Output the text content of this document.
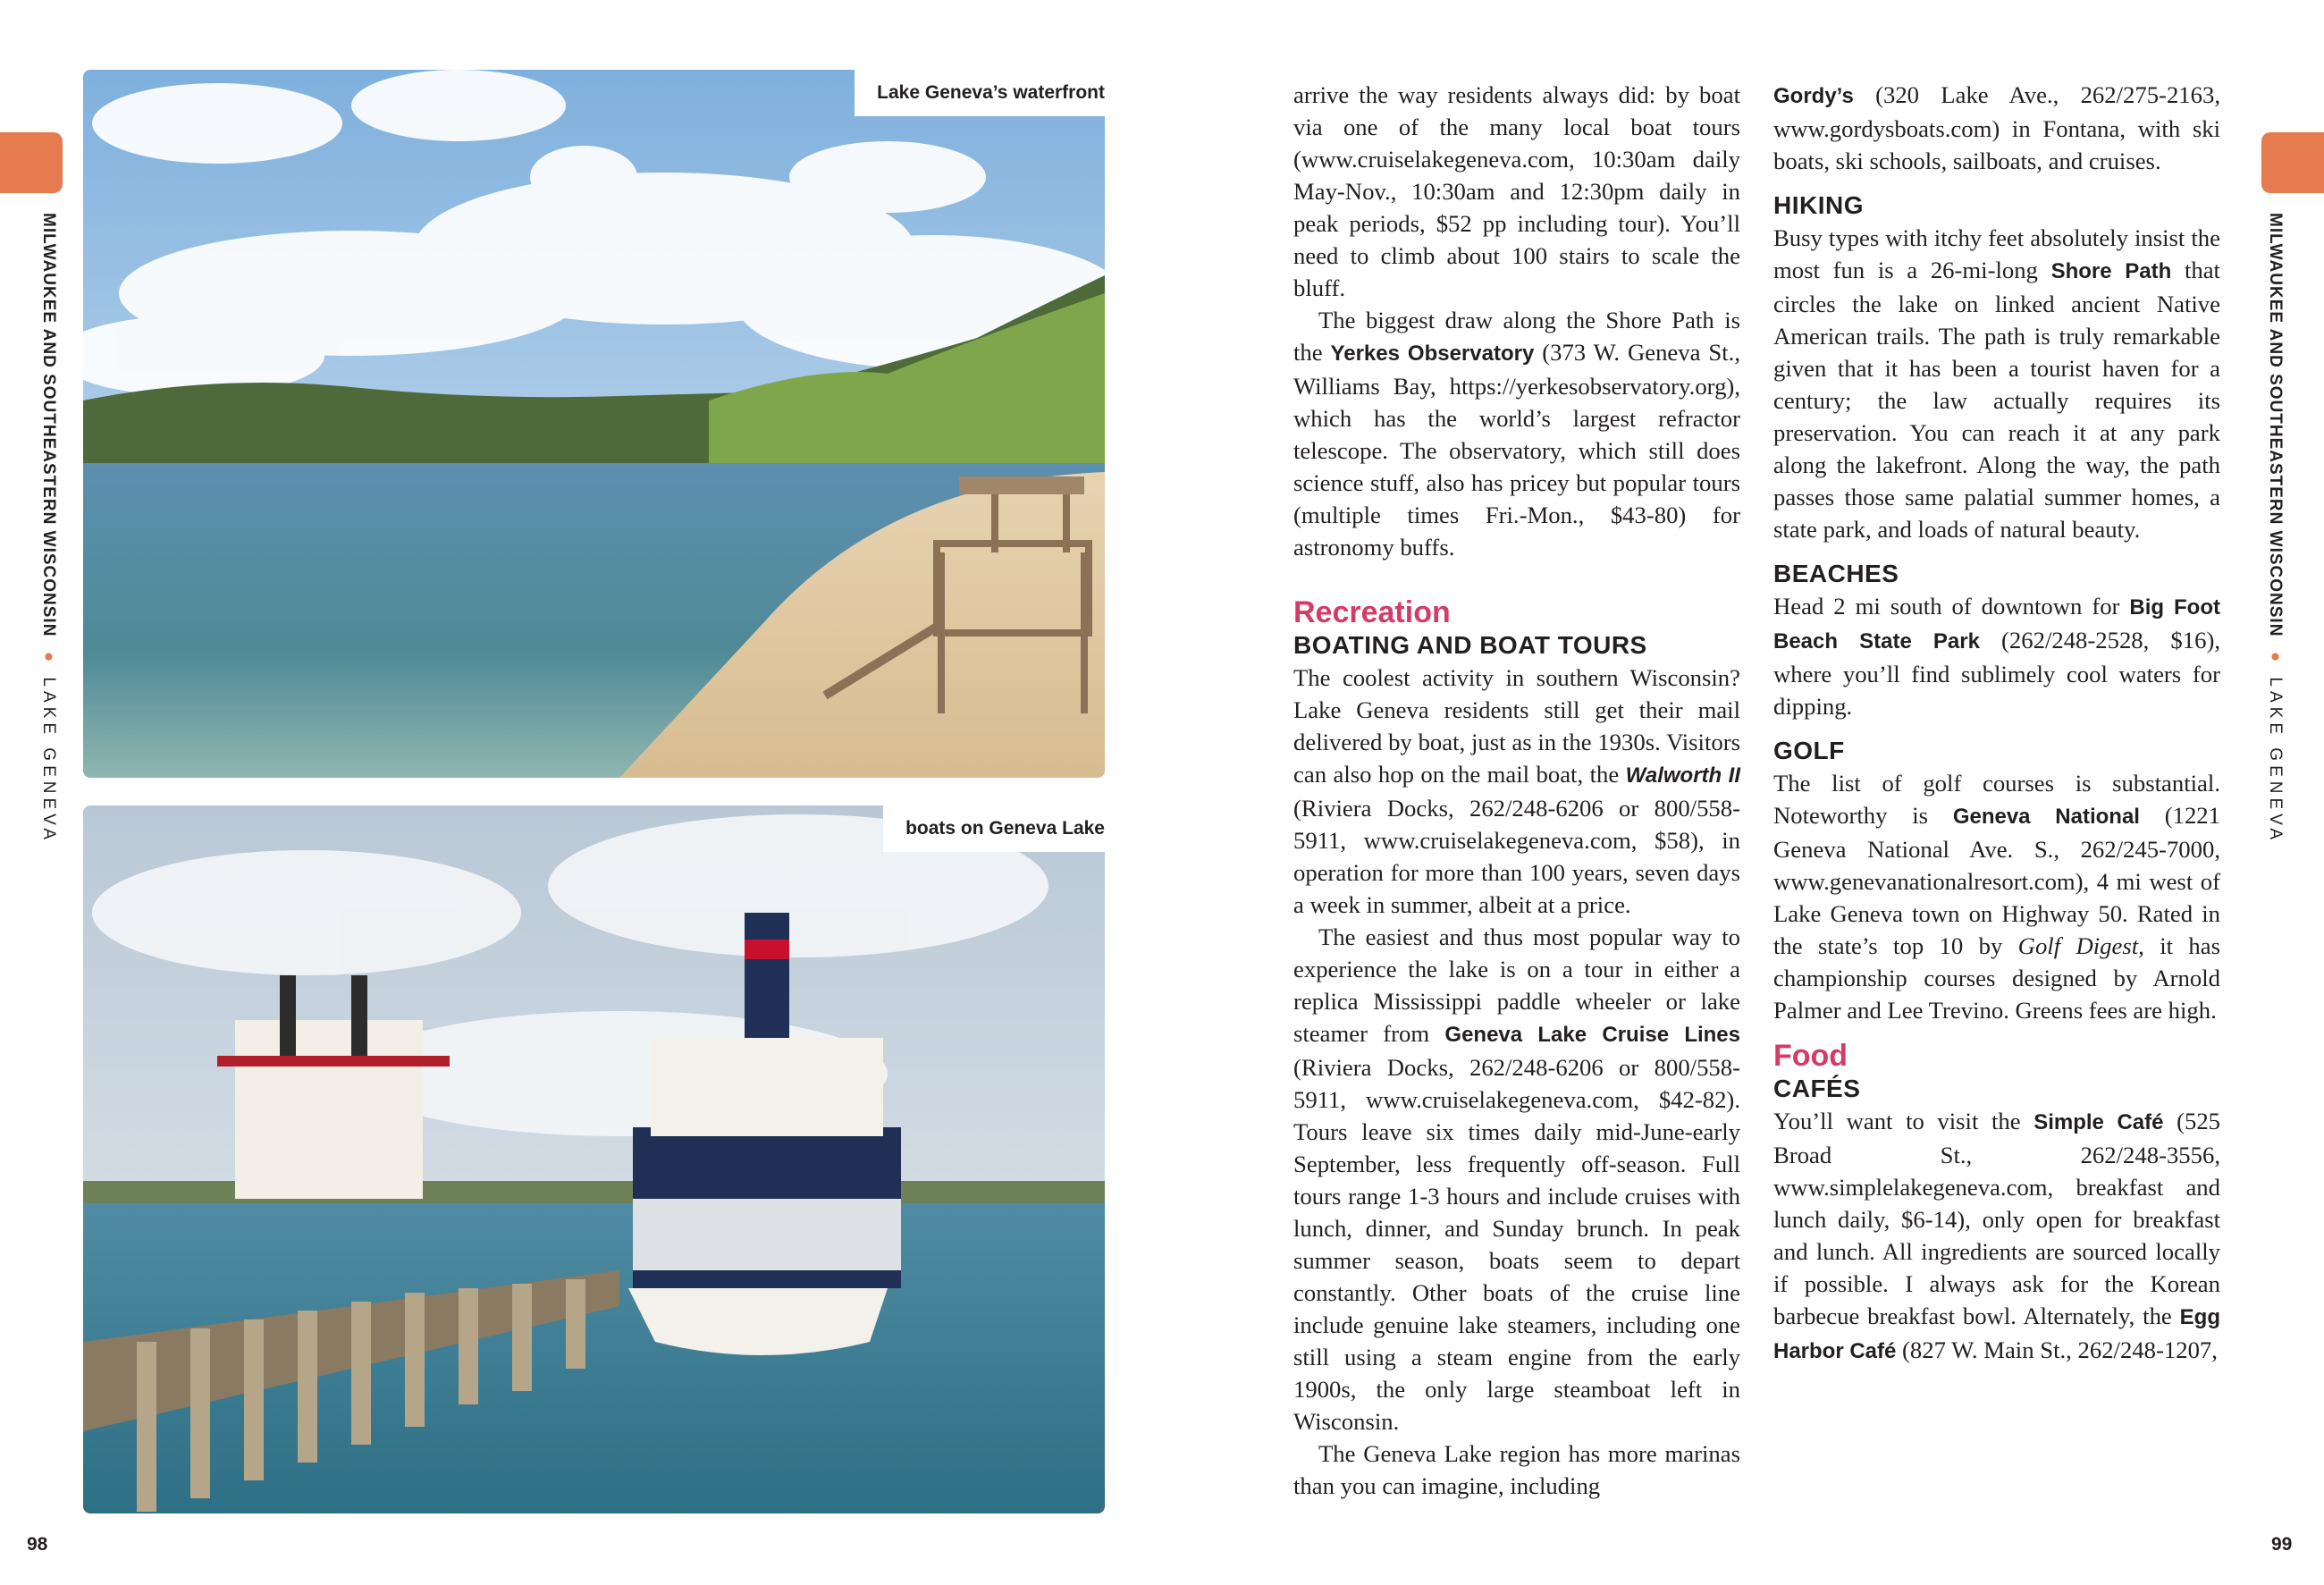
MILWAUKEE AND SOUTHEASTERN WISCONSIN●LAKE GENEVA
MILWAUKEE AND SOUTHEASTERN WISCONSIN●LAKE GENEVA
98	99
Lake Geneva’s waterfront
boats on Geneva Lake

arrive the way residents always did: by boat via one of the many local boat tours (www.cruiselakegeneva.com, 10:30am daily May-Nov., 10:30am and 12:30pm daily in peak periods, $52 pp including tour). You’ll need to climb about 100 stairs to scale the bluff.

The biggest draw along the Shore Path is the Yerkes Observatory (373 W. Geneva St., Williams Bay, https://yerkesobservatory.org), which has the world’s largest refractor telescope. The observatory, which still does science stuff, also has pricey but popular tours (multiple times Fri.-Mon., $43-80) for astronomy buffs.

Recreation
BOATING AND BOAT TOURS

The coolest activity in southern Wisconsin? Lake Geneva residents still get their mail delivered by boat, just as in the 1930s. Visitors can also hop on the mail boat, the Walworth II (Riviera Docks, 262/248-6206 or 800/558-5911, www.cruiselakegeneva.com, $58), in operation for more than 100 years, seven days a week in summer, albeit at a price.

The easiest and thus most popular way to experience the lake is on a tour in either a replica Mississippi paddle wheeler or lake steamer from Geneva Lake Cruise Lines (Riviera Docks, 262/248-6206 or 800/558-5911, www.cruiselakegeneva.com, $42-82). Tours leave six times daily mid-June-early September, less frequently off-season. Full tours range 1-3 hours and include cruises with lunch, dinner, and Sunday brunch. In peak summer season, boats seem to depart constantly. Other boats of the cruise line include genuine lake steamers, including one still using a steam engine from the early 1900s, the only large steamboat left in Wisconsin.

The Geneva Lake region has more marinas than you can imagine, including

Gordy’s (320 Lake Ave., 262/275-2163, www.gordysboats.com) in Fontana, with ski boats, ski schools, sailboats, and cruises.

HIKING

Busy types with itchy feet absolutely insist the most fun is a 26-mi-long Shore Path that circles the lake on linked ancient Native American trails. The path is truly remarkable given that it has been a tourist haven for a century; the law actually requires its preservation. You can reach it at any park along the lakefront. Along the way, the path passes those same palatial summer homes, a state park, and loads of natural beauty.

BEACHES

Head 2 mi south of downtown for Big Foot Beach State Park (262/248-2528, $16), where you’ll find sublimely cool waters for dipping.

GOLF

The list of golf courses is substantial. Noteworthy is Geneva National (1221 Geneva National Ave. S., 262/245-7000, www.genevanationalresort.com), 4 mi west of Lake Geneva town on Highway 50. Rated in the state’s top 10 by Golf Digest, it has championship courses designed by Arnold Palmer and Lee Trevino. Greens fees are high.

Food
CAFÉS

You’ll want to visit the Simple Café (525 Broad St., 262/248-3556, www.simplelakegeneva.com, breakfast and lunch daily, $6-14), only open for breakfast and lunch. All ingredients are sourced locally if possible. I always ask for the Korean barbecue breakfast bowl. Alternately, the Egg Harbor Café (827 W. Main St., 262/248-1207,
